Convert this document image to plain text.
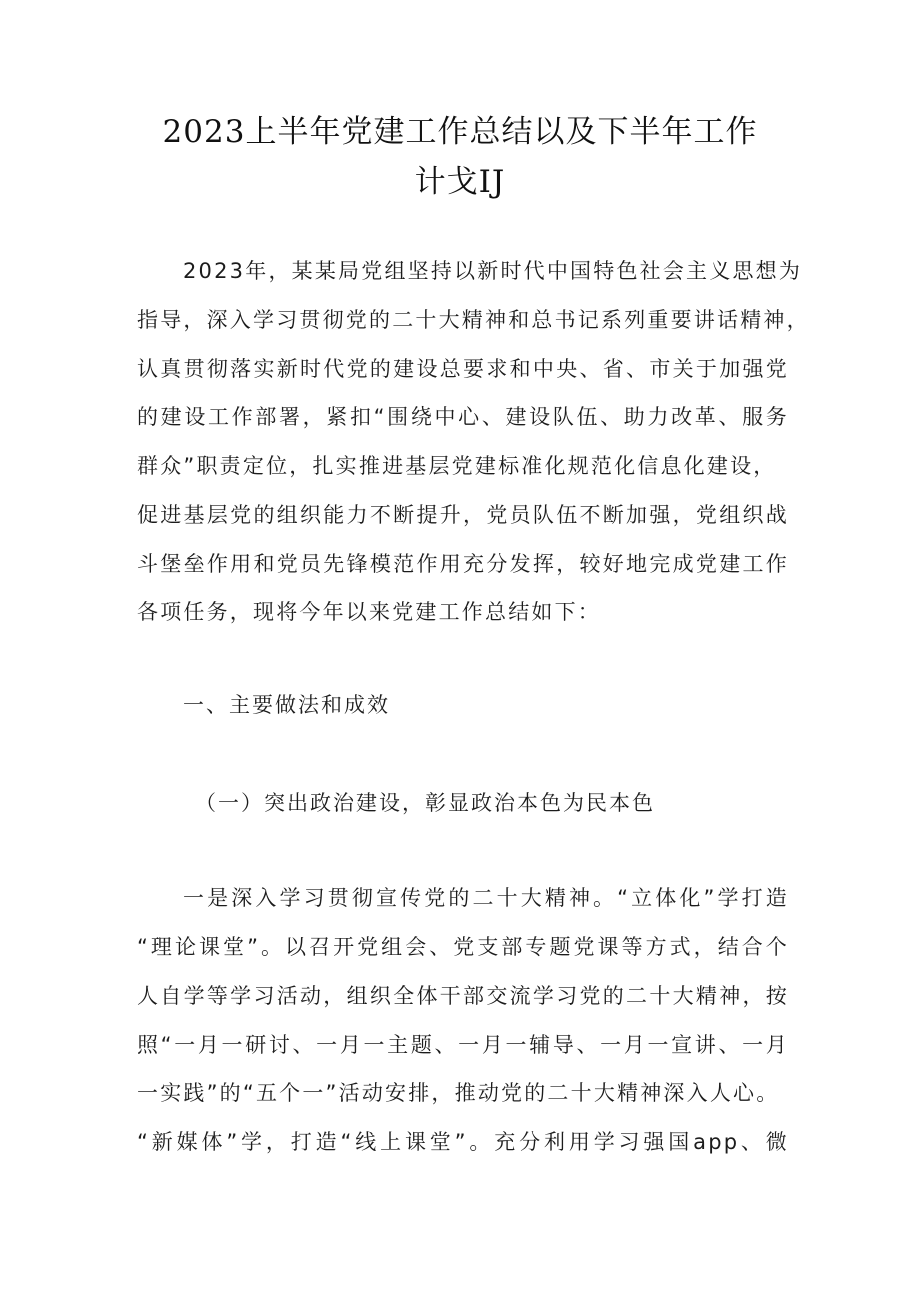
2023上半年党建工作总结以及下半年工作
计戈IJ
2023年，某某局党组坚持以新时代中国特色社会主义思想为
指导，深入学习贯彻党的二十大精神和总书记系列重要讲话精神，
认真贯彻落实新时代党的建设总要求和中央、省、市关于加强党
的建设工作部署，紧扣“围绕中心、建设队伍、助力改革、服务
群众”职责定位，扎实推进基层党建标准化规范化信息化建设，
促进基层党的组织能力不断提升，党员队伍不断加强，党组织战
斗堡垒作用和党员先锋模范作用充分发挥，较好地完成党建工作
各项任务，现将今年以来党建工作总结如下：
一、主要做法和成效
（一）突出政治建设，彰显政治本色为民本色
一是深入学习贯彻宣传党的二十大精神。“立体化”学打造
“理论课堂”。以召开党组会、党支部专题党课等方式，结合个
人自学等学习活动，组织全体干部交流学习党的二十大精神，按
照“一月一研讨、一月一主题、一月一辅导、一月一宣讲、一月
一实践”的“五个一”活动安排，推动党的二十大精神深入人心。
“新媒体”学，打造“线上课堂”。充分利用学习强国app、微
